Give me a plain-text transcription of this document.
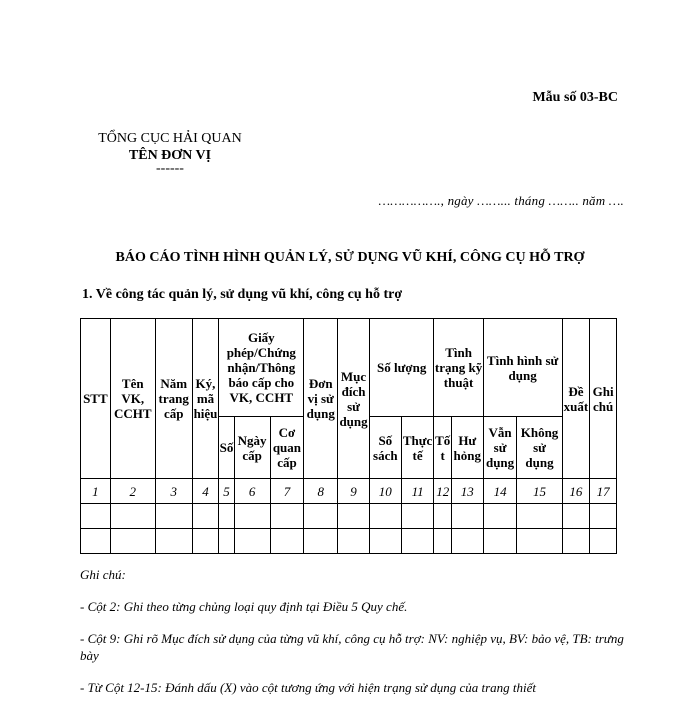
Mẫu số 03-BC
TỔNG CỤC HẢI QUAN
TÊN ĐƠN VỊ
------
……………., ngày ……... tháng …….. năm ….
BÁO CÁO TÌNH HÌNH QUẢN LÝ, SỬ DỤNG VŨ KHÍ, CÔNG CỤ HỖ TRỢ
1. Về công tác quản lý, sử dụng vũ khí, công cụ hỗ trợ
STT	Tên VK, CCHT	Năm trang cấp	Ký, mã hiệu	Giấy phép/Chứng nhận/Thông báo cấp cho VK, CCHT			Đơn vị sử dụng	Mục đích sử dụng	Số lượng		Tình trạng kỹ thuật		Tình hình sử dụng		Đề xuất	Ghi chú
				Số	Ngày cấp	Cơ quan cấp			Số sách	Thực tế	Tốt	Hư hỏng	Vẫn sử dụng	Không sử dụng		
1	2	3	4	5	6	7	8	9	10	11	12	13	14	15	16	17

Ghi chú:

- Cột 2: Ghi theo từng chủng loại quy định tại Điều 5 Quy chế.

- Cột 9: Ghi rõ Mục đích sử dụng của từng vũ khí, công cụ hỗ trợ: NV: nghiệp vụ, BV: bảo vệ, TB: trưng bày

- Từ Cột 12-15: Đánh dấu (X) vào cột tương ứng với hiện trạng sử dụng của trang thiết
